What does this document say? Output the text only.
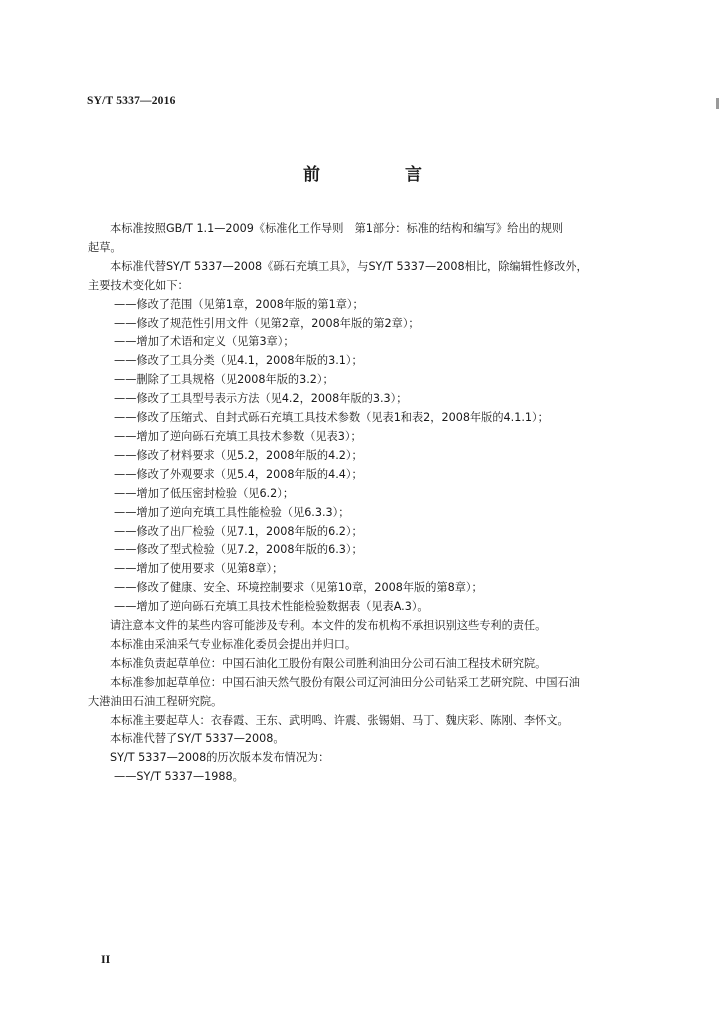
SY/T 5337—2016
前　言

本标准按照GB/T 1.1—2009《标准化工作导则　第1部分：标准的结构和编写》给出的规则

起草。

本标准代替SY/T 5337—2008《砾石充填工具》，与SY/T 5337—2008相比，除编辑性修改外，

主要技术变化如下：

——修改了范围（见第1章，2008年版的第1章）；

——修改了规范性引用文件（见第2章，2008年版的第2章）；

——增加了术语和定义（见第3章）；

——修改了工具分类（见4.1，2008年版的3.1）；

——删除了工具规格（见2008年版的3.2）；

——修改了工具型号表示方法（见4.2，2008年版的3.3）；

——修改了压缩式、自封式砾石充填工具技术参数（见表1和表2，2008年版的4.1.1）；

——增加了逆向砾石充填工具技术参数（见表3）；

——修改了材料要求（见5.2，2008年版的4.2）；

——修改了外观要求（见5.4，2008年版的4.4）；

——增加了低压密封检验（见6.2）；

——增加了逆向充填工具性能检验（见6.3.3）；

——修改了出厂检验（见7.1，2008年版的6.2）；

——修改了型式检验（见7.2，2008年版的6.3）；

——增加了使用要求（见第8章）；

——修改了健康、安全、环境控制要求（见第10章，2008年版的第8章）；

——增加了逆向砾石充填工具技术性能检验数据表（见表A.3）。

请注意本文件的某些内容可能涉及专利。本文件的发布机构不承担识别这些专利的责任。

本标准由采油采气专业标准化委员会提出并归口。

本标准负责起草单位：中国石油化工股份有限公司胜利油田分公司石油工程技术研究院。

本标准参加起草单位：中国石油天然气股份有限公司辽河油田分公司钻采工艺研究院、中国石油

大港油田石油工程研究院。

本标准主要起草人：衣春霞、王东、武明鸣、许震、张锡娟、马丁、魏庆彩、陈刚、李怀文。

本标准代替了SY/T 5337—2008。

SY/T 5337—2008的历次版本发布情况为：

——SY/T 5337—1988。

II
